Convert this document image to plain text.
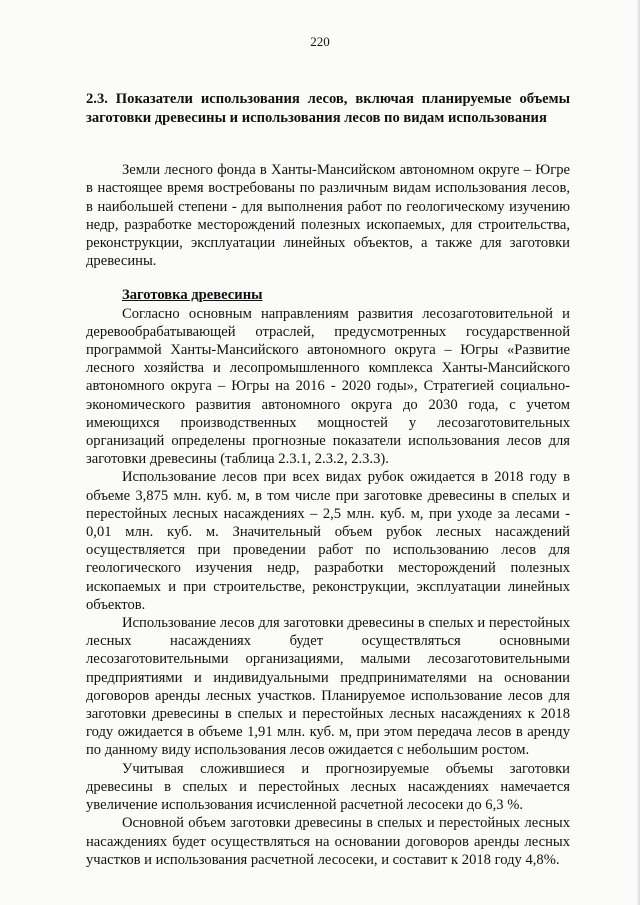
220

2.3. Показатели использования лесов, включая планируемые объемы заготовки древесины и использования лесов по видам использования

Земли лесного фонда в Ханты-Мансийском автономном округе – Югре в настоящее время востребованы по различным видам использования лесов, в наибольшей степени - для выполнения работ по геологическому изучению недр, разработке месторождений полезных ископаемых, для строительства, реконструкции, эксплуатации линейных объектов, а также для заготовки древесины.

Заготовка древесины

Согласно основным направлениям развития лесозаготовительной и деревообрабатывающей отраслей, предусмотренных государственной программой Ханты-Мансийского автономного округа – Югры «Развитие лесного хозяйства и лесопромышленного комплекса Ханты-Мансийского автономного округа – Югры на 2016 - 2020 годы», Стратегией социально-экономического развития автономного округа до 2030 года, с учетом имеющихся производственных мощностей у лесозаготовительных организаций определены прогнозные показатели использования лесов для заготовки древесины (таблица 2.3.1, 2.3.2, 2.3.3).

Использование лесов при всех видах рубок ожидается в 2018 году в объеме 3,875 млн. куб. м, в том числе при заготовке древесины в спелых и перестойных лесных насаждениях – 2,5 млн. куб. м, при уходе за лесами - 0,01 млн. куб. м. Значительный объем рубок лесных насаждений осуществляется при проведении работ по использованию лесов для геологического изучения недр, разработки месторождений полезных ископаемых и при строительстве, реконструкции, эксплуатации линейных объектов.

Использование лесов для заготовки древесины в спелых и перестойных лесных насаждениях будет осуществляться основными лесозаготовительными организациями, малыми лесозаготовительными предприятиями и индивидуальными предпринимателями на основании договоров аренды лесных участков. Планируемое использование лесов для заготовки древесины в спелых и перестойных лесных насаждениях к 2018 году ожидается в объеме 1,91 млн. куб. м, при этом передача лесов в аренду по данному виду использования лесов ожидается с небольшим ростом.

Учитывая сложившиеся и прогнозируемые объемы заготовки древесины в спелых и перестойных лесных насаждениях намечается увеличение использования исчисленной расчетной лесосеки до 6,3 %.

Основной объем заготовки древесины в спелых и перестойных лесных насаждениях будет осуществляться на основании договоров аренды лесных участков и использования расчетной лесосеки, и составит к 2018 году 4,8%.
